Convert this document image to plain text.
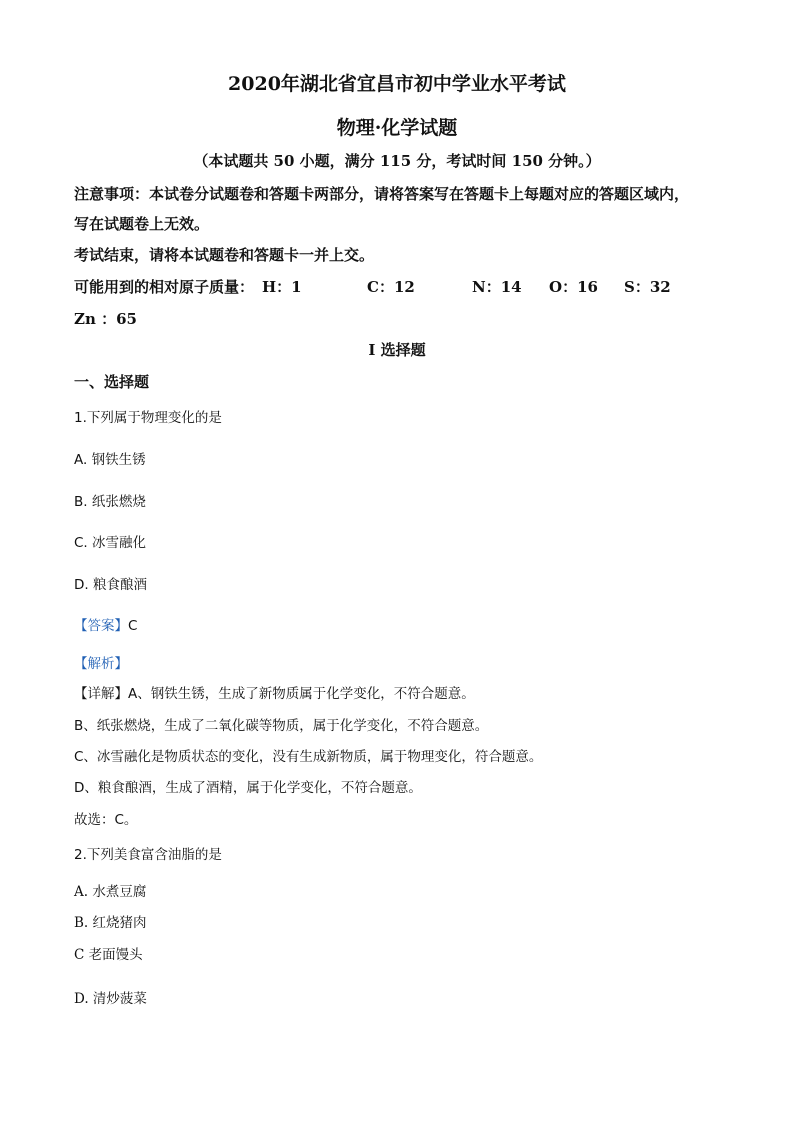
2020年湖北省宜昌市初中学业水平考试
物理·化学试题
（本试题共 50 小题，满分 115 分，考试时间 150 分钟。）
注意事项：本试卷分试题卷和答题卡两部分，请将答案写在答题卡上每题对应的答题区域内，
写在试题卷上无效。
考试结束，请将本试题卷和答题卡一并上交。
可能用到的相对原子质量： H：1	C：12	N：14 O：16 S：32
Zn ：65
I 选择题
一、选择题
1.下列属于物理变化的是
A. 钢铁生锈
B. 纸张燃烧
C. 冰雪融化
D. 粮食酿酒
【答案】C
【解析】
【详解】A、钢铁生锈，生成了新物质属于化学变化，不符合题意。
B、纸张燃烧，生成了二氧化碳等物质，属于化学变化，不符合题意。
C、冰雪融化是物质状态的变化，没有生成新物质，属于物理变化，符合题意。
D、粮食酿酒，生成了酒精，属于化学变化，不符合题意。
故选：C。
2.下列美食富含油脂的是
A. 水煮豆腐
B. 红烧猪肉
C 老面馒头
D. 清炒菠菜
